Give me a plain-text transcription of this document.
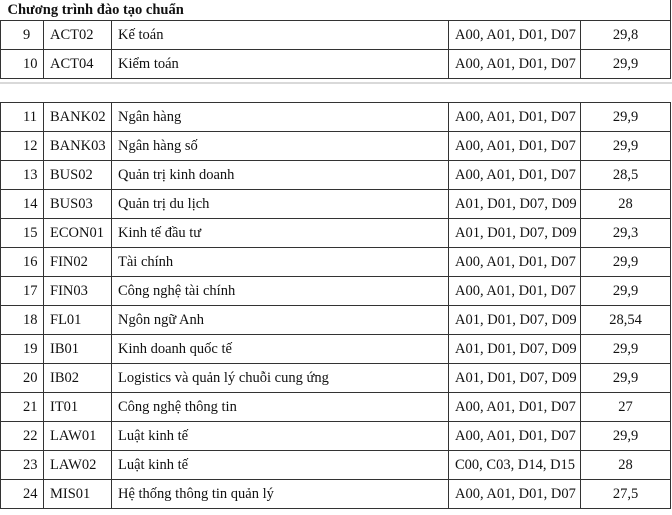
Chương trình đào tạo chuẩn				
9	ACT02	Kế toán	A00, A01, D01, D07	29,8
10	ACT04	Kiểm toán	A00, A01, D01, D07	29,9
11	BANK02	Ngân hàng	A00, A01, D01, D07	29,9
12	BANK03	Ngân hàng số	A00, A01, D01, D07	29,9
13	BUS02	Quản trị kinh doanh	A00, A01, D01, D07	28,5
14	BUS03	Quản trị du lịch	A01, D01, D07, D09	28
15	ECON01	Kinh tế đầu tư	A01, D01, D07, D09	29,3
16	FIN02	Tài chính	A00, A01, D01, D07	29,9
17	FIN03	Công nghệ tài chính	A00, A01, D01, D07	29,9
18	FL01	Ngôn ngữ Anh	A01, D01, D07, D09	28,54
19	IB01	Kinh doanh quốc tế	A01, D01, D07, D09	29,9
20	IB02	Logistics và quản lý chuỗi cung ứng	A01, D01, D07, D09	29,9
21	IT01	Công nghệ thông tin	A00, A01, D01, D07	27
22	LAW01	Luật kinh tế	A00, A01, D01, D07	29,9
23	LAW02	Luật kinh tế	C00, C03, D14, D15	28
24	MIS01	Hệ thống thông tin quản lý	A00, A01, D01, D07	27,5
